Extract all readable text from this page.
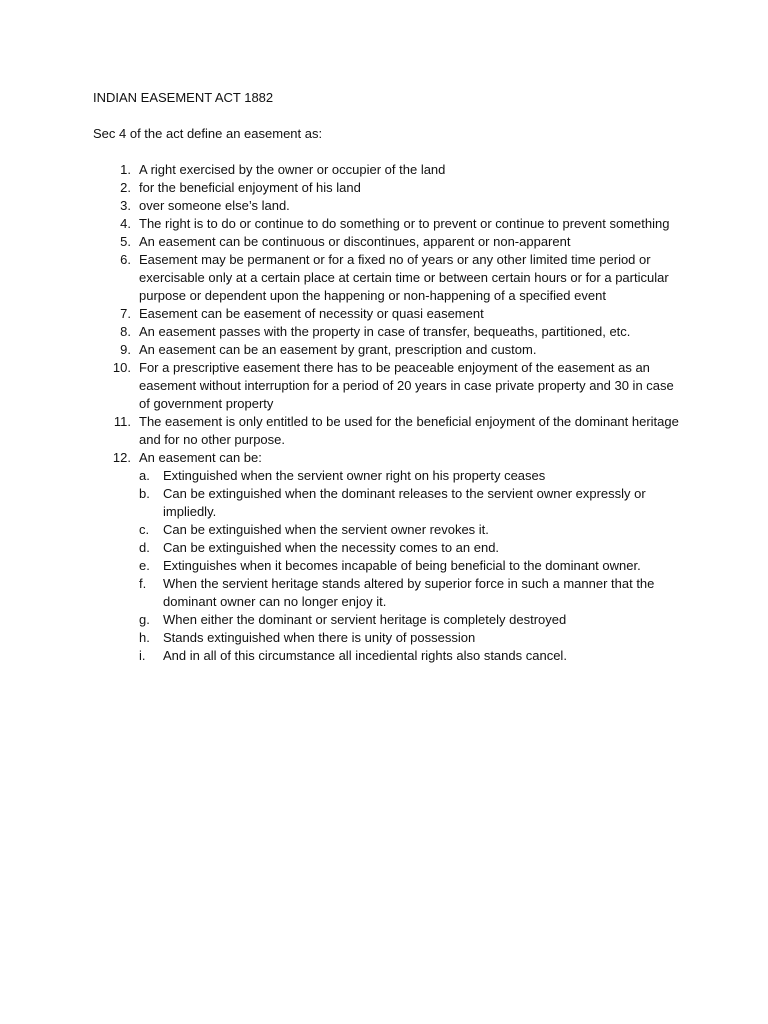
INDIAN EASEMENT ACT 1882

Sec 4 of the act define an easement as:

1. A right exercised by the owner or occupier of the land
2. for the beneficial enjoyment of his land
3. over someone else’s land.
4. The right is to do or continue to do something or to prevent or continue to prevent something
5. An easement can be continuous or discontinues, apparent or non-apparent
6. Easement may be permanent or for a fixed no of years or any other limited time period or exercisable only at a certain place at certain time or between certain hours or for a particular purpose or dependent upon the happening or non-happening of a specified event
7. Easement can be easement of necessity or quasi easement
8. An easement passes with the property in case of transfer, bequeaths, partitioned, etc.
9. An easement can be an easement by grant, prescription and custom.
10. For a prescriptive easement there has to be peaceable enjoyment of the easement as an easement without interruption for a period of 20 years in case private property and 30 in case of government property
11. The easement is only entitled to be used for the beneficial enjoyment of the dominant heritage and for no other purpose.
12. An easement can be:
a. Extinguished when the servient owner right on his property ceases
b. Can be extinguished when the dominant releases to the servient owner expressly or impliedly.
c. Can be extinguished when the servient owner revokes it.
d. Can be extinguished when the necessity comes to an end.
e. Extinguishes when it becomes incapable of being beneficial to the dominant owner.
f. When the servient heritage stands altered by superior force in such a manner that the dominant owner can no longer enjoy it.
g. When either the dominant or servient heritage is completely destroyed
h. Stands extinguished when there is unity of possession
i. And in all of this circumstance all incediental rights also stands cancel.
